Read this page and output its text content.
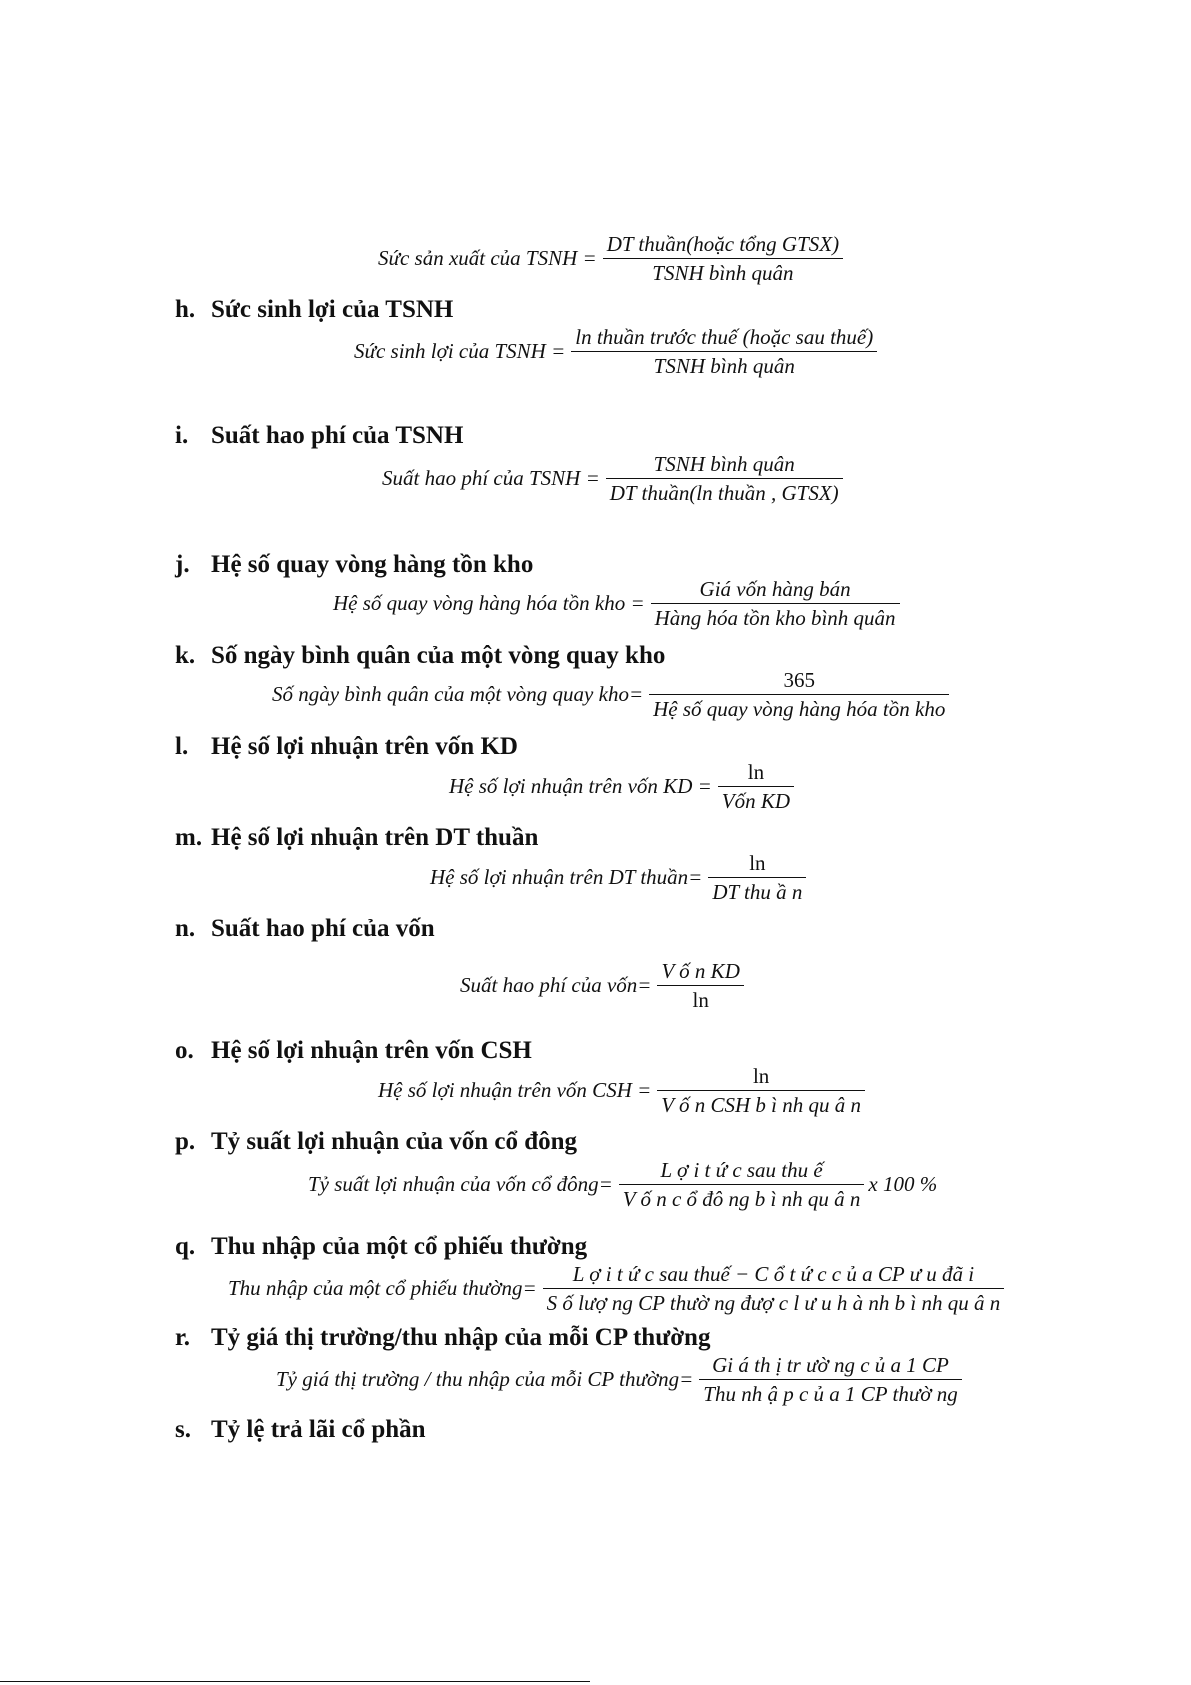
Sức sản xuất của TSNH = $\frac{\text{DT thuần(hoặc tổng GTSX)}}{\text{TSNH bình quân}}$
h. Sức sinh lợi của TSNH
Sức sinh lợi của TSNH = $\frac{\text{ln thuần trước thuế (hoặc sau thuế)}}{\text{TSNH bình quân}}$
i. Suất hao phí của TSNH
Suất hao phí của TSNH = $\frac{\text{TSNH bình quân}}{\text{DT thuần(ln thuần , GTSX)}}$
j. Hệ số quay vòng hàng tồn kho
Hệ số quay vòng hàng hóa tồn kho = $\frac{\text{Giá vốn hàng bán}}{\text{Hàng hóa tồn kho bình quân}}$
k. Số ngày bình quân của một vòng quay kho
Số ngày bình quân của một vòng quay $kho= \frac{365}{\text{Hệ số quay vòng hàng hóa tồn kho}}$
l. Hệ số lợi nhuận trên vốn KD
Hệ số lợi nhuận trên vốn KD = $\frac{\ln}{\text{Vốn KD}}$
m. Hệ số lợi nhuận trên DT thuần
Hệ số lợi nhuận trên DT thuần= $\frac{\ln}{\text{DT thu ầ n}}$
n. Suất hao phí của vốn
Suất hao phí của vốn= $\frac{\text{V ố n KD}}{\ln}$
o. Hệ số lợi nhuận trên vốn CSH
Hệ số lợi nhuận trên vốn CSH = $\frac{\ln}{\text{V ố n CSH b ì nh qu â n}}$
p. Tỷ suất lợi nhuận của vốn cổ đông
Tỷ suất lợi nhuận của vốn cổ đông= $\frac{\text{L ợ i t ứ c sau thu ế}}{\text{V ố n c ổ đô ng b ì nh qu â n}}$ x 100 %
q. Thu nhập của một cổ phiếu thường
Thu nhập của một cổ phiếu thường= $\frac{\text{L ợ i t ứ c sau thuế − C ổ t ứ c c ủ a CP ư u đã i}}{\text{S ố lượ ng CP thườ ng đượ c l ư u h à nh b ì nh qu â n}}$
r. Tỷ giá thị trường/thu nhập của mỗi CP thường
Tỷ giá thị trường / thu nhập của mỗi CP thường= $\frac{\text{Gi á th ị tr ườ ng c ủ a 1 CP}}{\text{Thu nh ậ p c ủ a 1 CP thườ ng}}$
s. Tỷ lệ trả lãi cổ phần
